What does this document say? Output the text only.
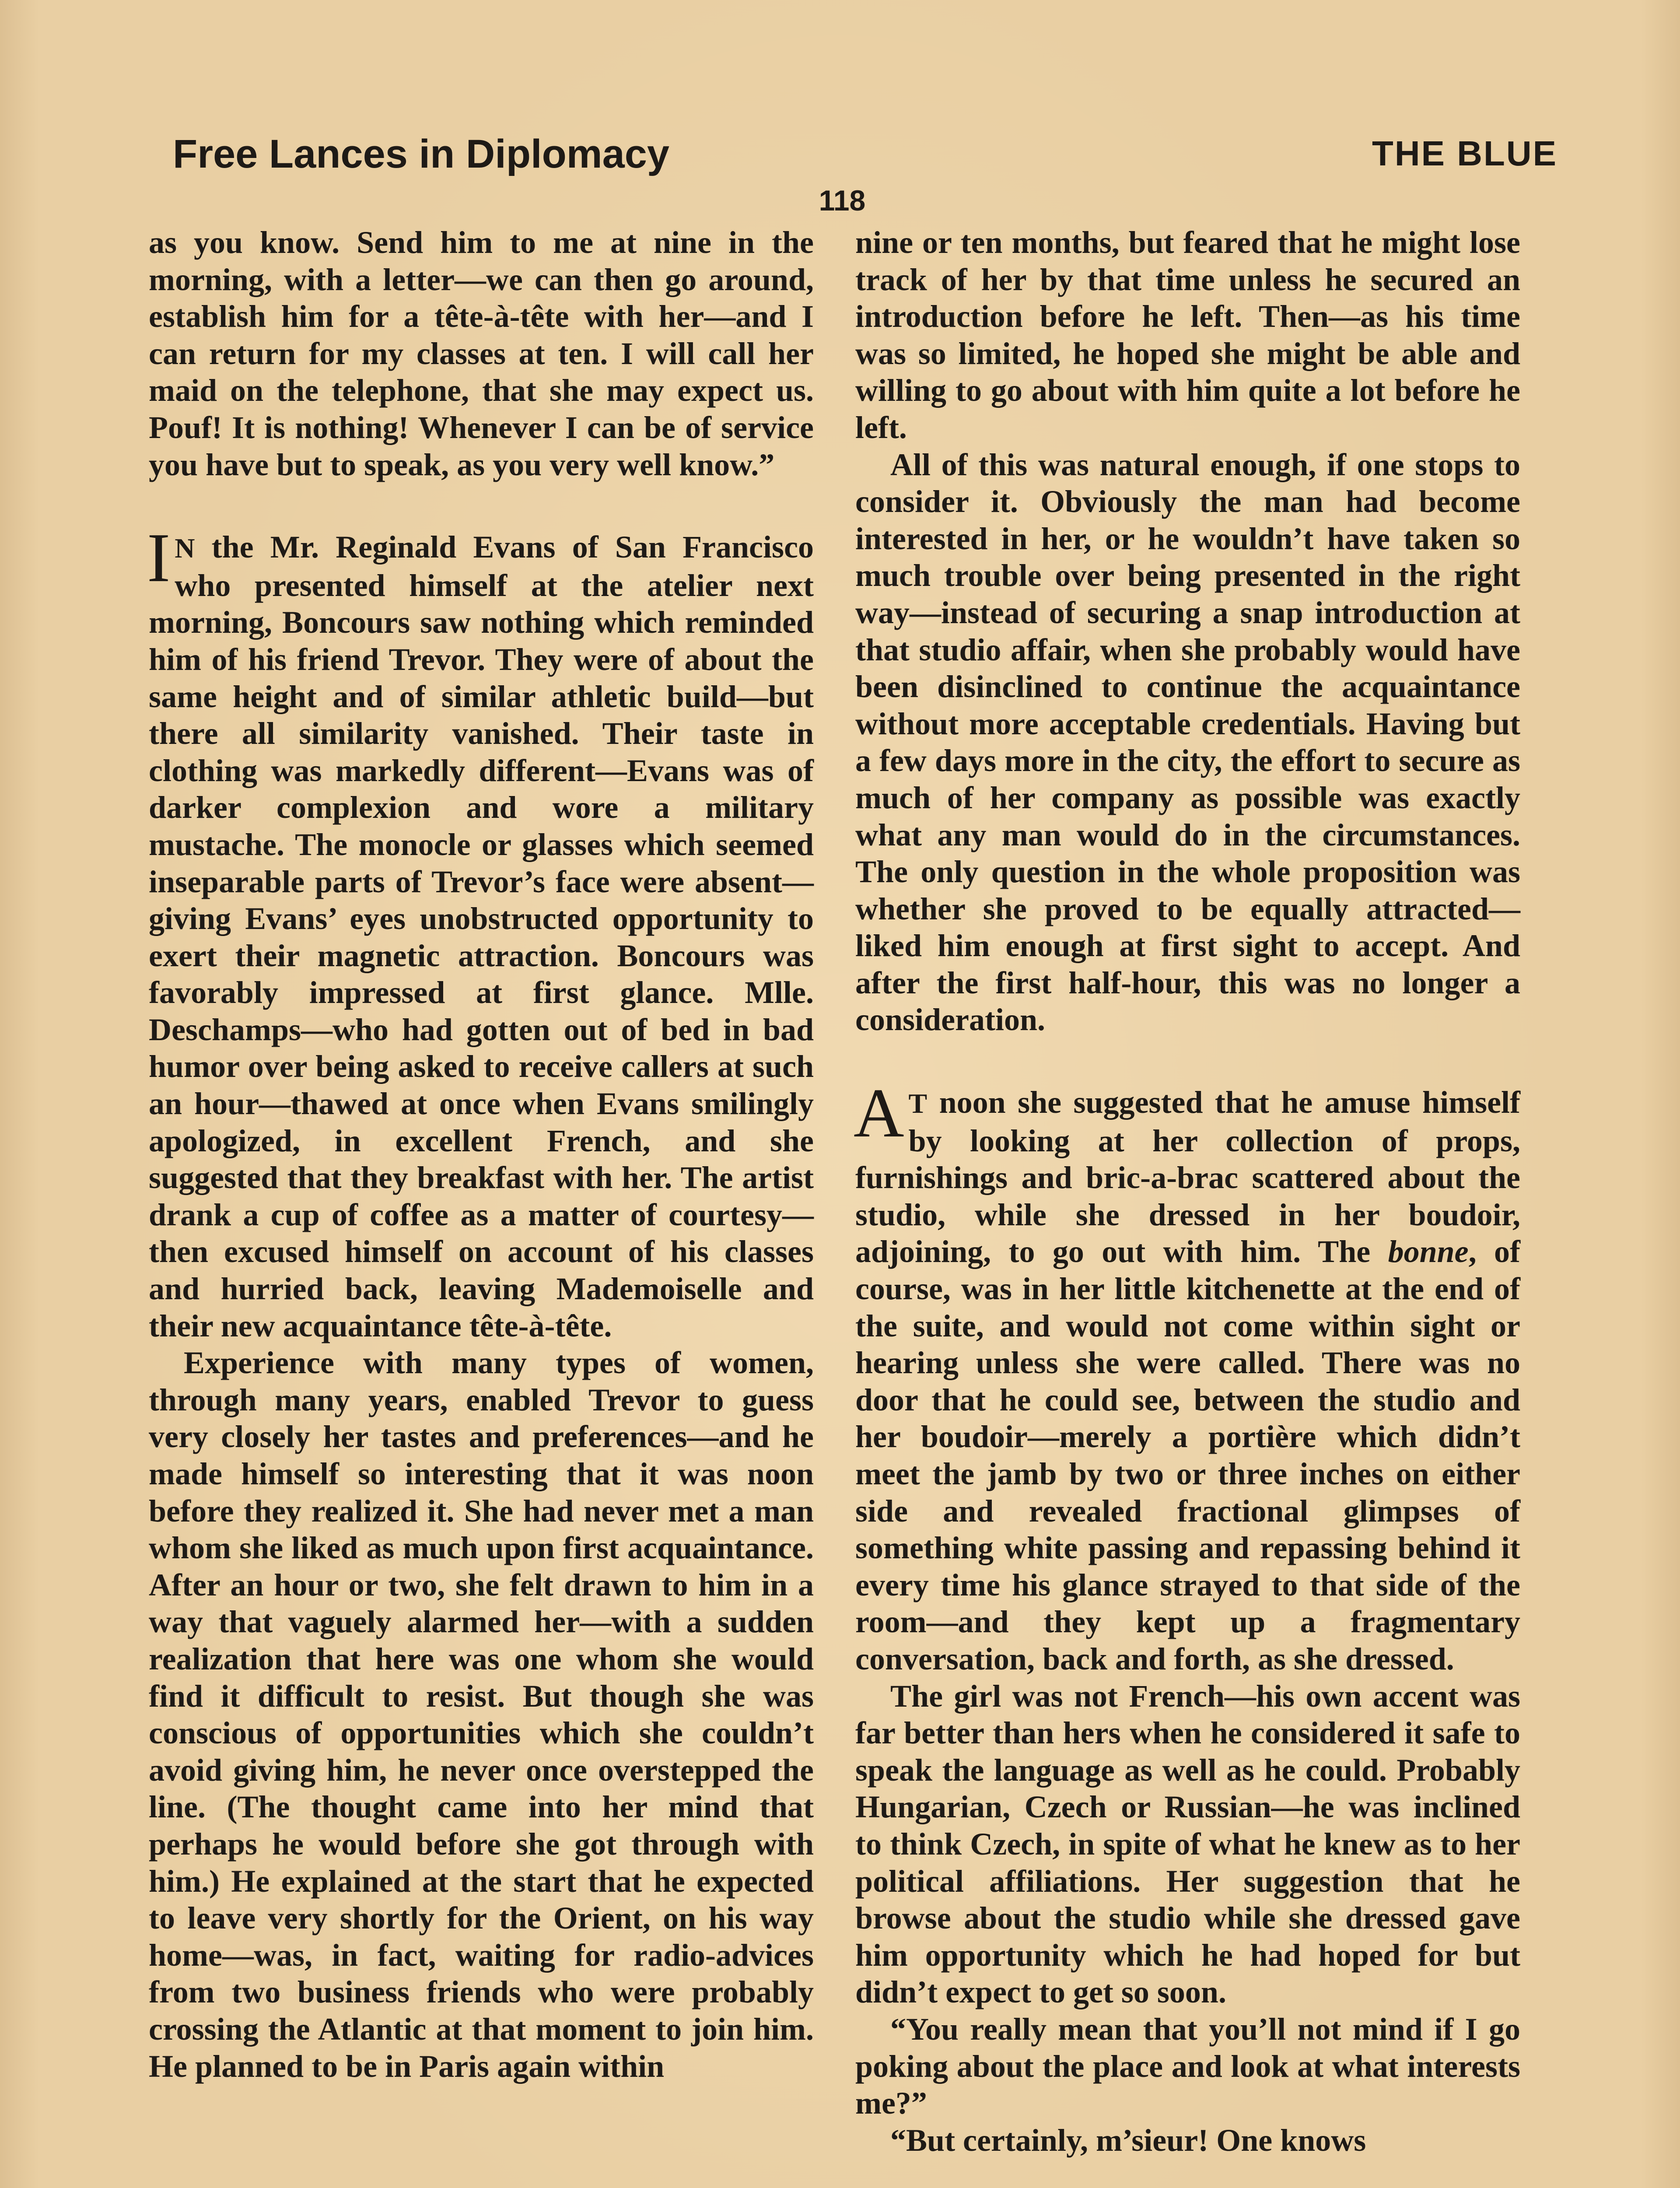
Free Lances in Diplomacy	THE BLUE
118

as you know. Send him to me at nine in the morning, with a letter—we can then go around, establish him for a tête-à-tête with her—and I can return for my classes at ten. I will call her maid on the telephone, that she may expect us. Pouf! It is nothing! Whenever I can be of service you have but to speak, as you very well know.”

I N the Mr. Reginald Evans of San Francisco who presented himself at the atelier next morning, Boncours saw nothing which reminded him of his friend Trevor. They were of about the same height and of similar athletic build—but there all similarity vanished. Their taste in clothing was markedly different—Evans was of darker complexion and wore a military mustache. The monocle or glasses which seemed inseparable parts of Trevor’s face were absent—giving Evans’ eyes unobstructed opportunity to exert their magnetic attraction. Boncours was favorably impressed at first glance. Mlle. Deschamps—who had gotten out of bed in bad humor over being asked to receive callers at such an hour—thawed at once when Evans smilingly apologized, in excellent French, and she suggested that they breakfast with her. The artist drank a cup of coffee as a matter of courtesy—then excused himself on account of his classes and hurried back, leaving Mademoiselle and their new acquaintance tête-à-tête.

Experience with many types of women, through many years, enabled Trevor to guess very closely her tastes and preferences—and he made himself so interesting that it was noon before they realized it. She had never met a man whom she liked as much upon first acquaintance. After an hour or two, she felt drawn to him in a way that vaguely alarmed her—with a sudden realization that here was one whom she would find it difficult to resist. But though she was conscious of opportunities which she couldn’t avoid giving him, he never once overstepped the line. (The thought came into her mind that perhaps he would before she got through with him.) He explained at the start that he expected to leave very shortly for the Orient, on his way home—was, in fact, waiting for radio-advices from two business friends who were probably crossing the Atlantic at that moment to join him. He planned to be in Paris again within

nine or ten months, but feared that he might lose track of her by that time unless he secured an introduction before he left. Then—as his time was so limited, he hoped she might be able and willing to go about with him quite a lot before he left.

All of this was natural enough, if one stops to consider it. Obviously the man had become interested in her, or he wouldn’t have taken so much trouble over being presented in the right way—instead of securing a snap introduction at that studio affair, when she probably would have been disinclined to continue the acquaintance without more acceptable credentials. Having but a few days more in the city, the effort to secure as much of her company as possible was exactly what any man would do in the circumstances. The only question in the whole proposition was whether she proved to be equally attracted—liked him enough at first sight to accept. And after the first half-hour, this was no longer a consideration.

A T noon she suggested that he amuse himself by looking at her collection of props, furnishings and bric-a-brac scattered about the studio, while she dressed in her boudoir, adjoining, to go out with him. The bonne, of course, was in her little kitchenette at the end of the suite, and would not come within sight or hearing unless she were called. There was no door that he could see, between the studio and her boudoir—merely a portière which didn’t meet the jamb by two or three inches on either side and revealed fractional glimpses of something white passing and repassing behind it every time his glance strayed to that side of the room—and they kept up a fragmentary conversation, back and forth, as she dressed.

The girl was not French—his own accent was far better than hers when he considered it safe to speak the language as well as he could. Probably Hungarian, Czech or Russian—he was inclined to think Czech, in spite of what he knew as to her political affiliations. Her suggestion that he browse about the studio while she dressed gave him opportunity which he had hoped for but didn’t expect to get so soon.

“You really mean that you’ll not mind if I go poking about the place and look at what interests me?”

“But certainly, m’sieur! One knows
